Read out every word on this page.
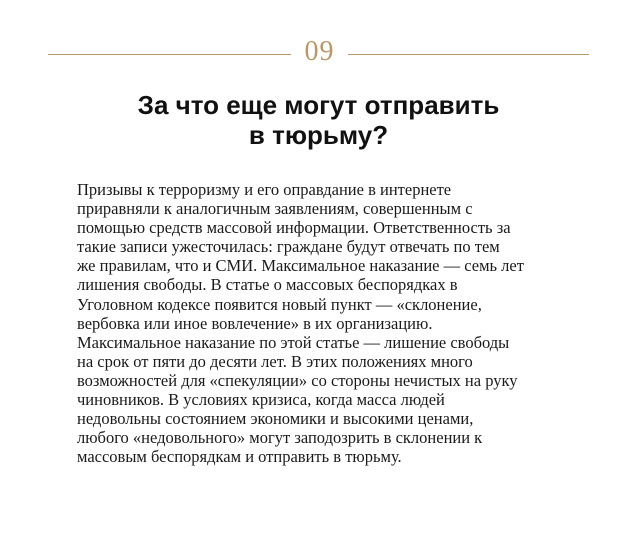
09
За что еще могут отправить
в тюрьму?

Призывы к терроризму и его оправдание в интернете
приравняли к аналогичным заявлениям, совершенным с
помощью средств массовой информации. Ответственность за
такие записи ужесточилась: граждане будут отвечать по тем
же правилам, что и СМИ. Максимальное наказание — семь лет
лишения свободы. В статье о массовых беспорядках в
Уголовном кодексе появится новый пункт — «склонение,
вербовка или иное вовлечение» в их организацию.
Максимальное наказание по этой статье — лишение свободы
на срок от пяти до десяти лет. В этих положениях много
возможностей для «спекуляции» со стороны нечистых на руку
чиновников. В условиях кризиса, когда масса людей
недовольны состоянием экономики и высокими ценами,
любого «недовольного» могут заподозрить в склонении к
массовым беспорядкам и отправить в тюрьму.
